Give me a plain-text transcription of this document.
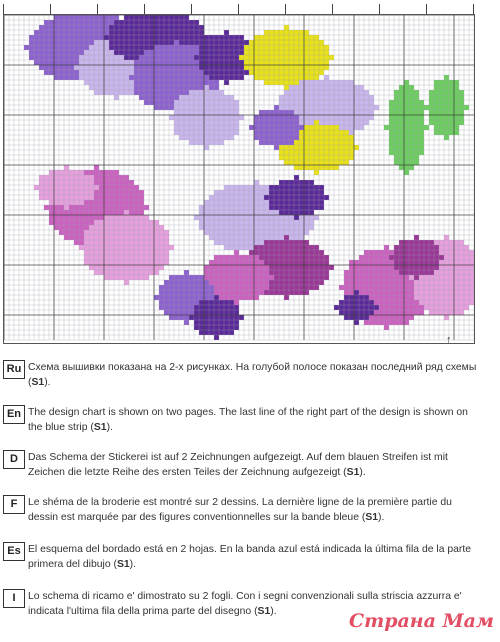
↑
Ru Схема вышивки показана на 2-х рисунках. На голубой полосе показан последний ряд схемы (S1).
En The design chart is shown on two pages. The last line of the right part of the design is shown on the blue strip (S1).
D Das Schema der Stickerei ist auf 2 Zeichnungen aufgezeigt. Auf dem blauen Streifen ist mit Zeichen die letzte Reihe des ersten Teiles der Zeichnung aufgezeigt (S1).
F	Le shéma de la broderie est montré sur 2 dessins. La dernière ligne de la première partie du dessin est marquée par des figures conventionnelles sur la bande bleue (S1).
Es El esquema del bordado está en 2 hojas. En la banda azul está indicada la última fila de la parte primera del dibujo (S1).
I	Lo schema di ricamo e' dimostrato su 2 fogli. Con i segni convenzionali sulla striscia azzurra e' indicata l'ultima fila della prima parte del disegno (S1).	Страна Мам
